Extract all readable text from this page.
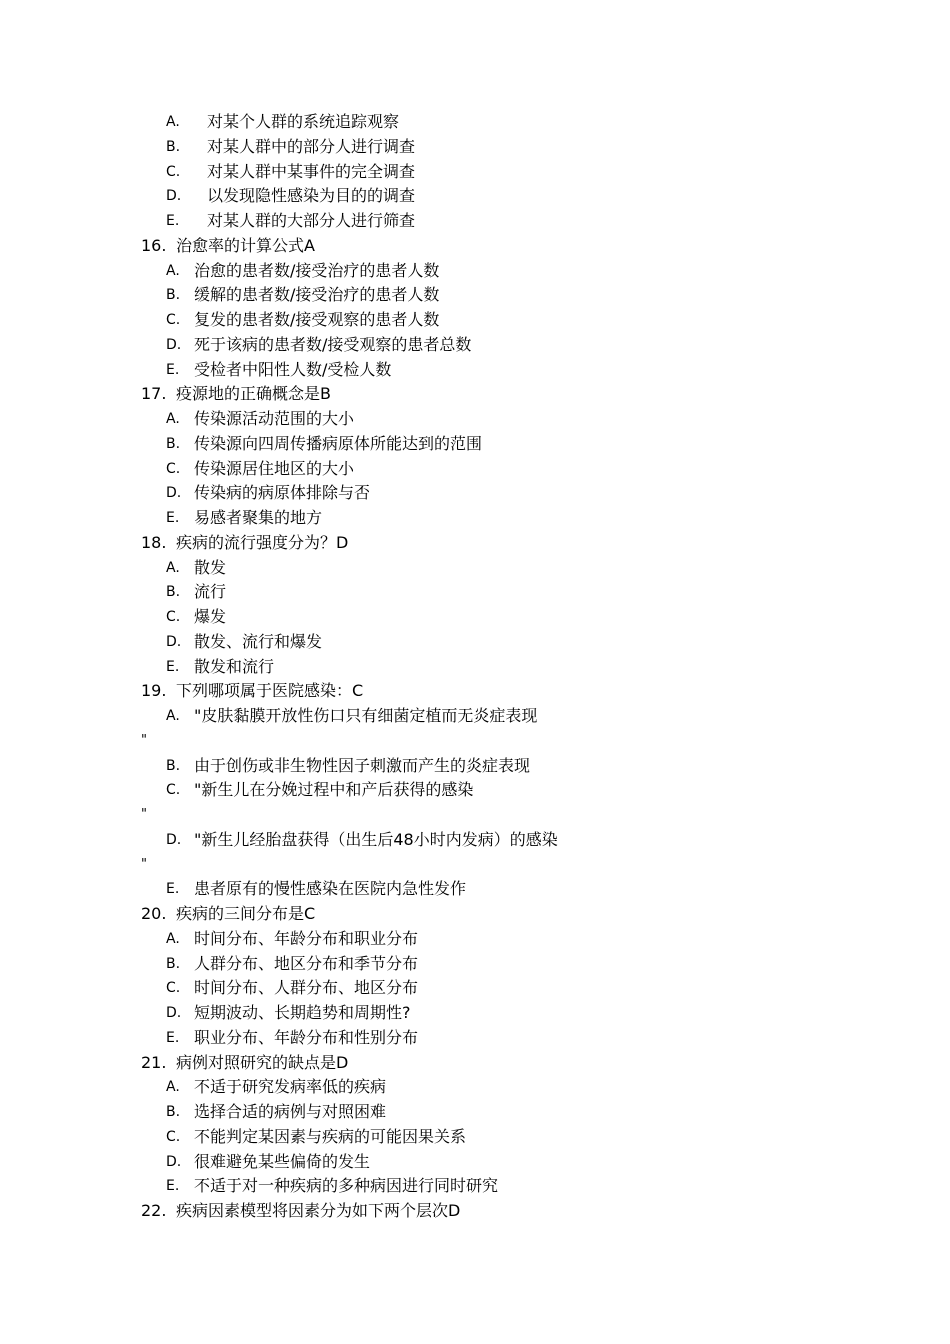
A. 对某个人群的系统追踪观察
B. 对某人群中的部分人进行调查
C. 对某人群中某事件的完全调查
D. 以发现隐性感染为目的的调查
E. 对某人群的大部分人进行筛查
16. 治愈率的计算公式A
A. 治愈的患者数/接受治疗的患者人数
B. 缓解的患者数/接受治疗的患者人数
C. 复发的患者数/接受观察的患者人数
D. 死于该病的患者数/接受观察的患者总数
E. 受检者中阳性人数/受检人数
17. 疫源地的正确概念是B
A. 传染源活动范围的大小
B. 传染源向四周传播病原体所能达到的范围
C. 传染源居住地区的大小
D. 传染病的病原体排除与否
E. 易感者聚集的地方
18. 疾病的流行强度分为？D
A. 散发
B. 流行
C. 爆发
D. 散发、流行和爆发
E. 散发和流行
19. 下列哪项属于医院感染：C
A. "皮肤黏膜开放性伤口只有细菌定植而无炎症表现
"
B. 由于创伤或非生物性因子刺激而产生的炎症表现
C. "新生儿在分娩过程中和产后获得的感染
"
D. "新生儿经胎盘获得（出生后48小时内发病）的感染
"
E. 患者原有的慢性感染在医院内急性发作
20. 疾病的三间分布是C
A. 时间分布、年龄分布和职业分布
B. 人群分布、地区分布和季节分布
C. 时间分布、人群分布、地区分布
D. 短期波动、长期趋势和周期性?
E. 职业分布、年龄分布和性别分布
21. 病例对照研究的缺点是D
A. 不适于研究发病率低的疾病
B. 选择合适的病例与对照困难
C. 不能判定某因素与疾病的可能因果关系
D. 很难避免某些偏倚的发生
E. 不适于对一种疾病的多种病因进行同时研究
22. 疾病因素模型将因素分为如下两个层次D
